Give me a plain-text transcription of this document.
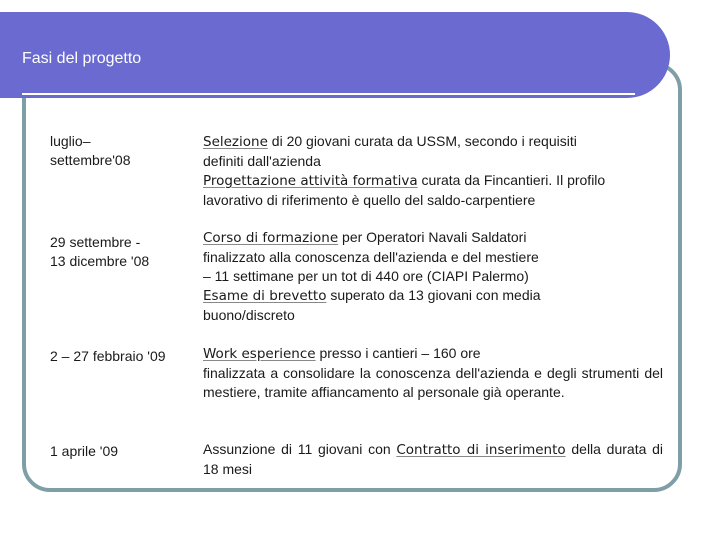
Fasi del progetto
luglio–
settembre'08
Selezione di 20 giovani curata da USSM, secondo i requisiti
definiti dall'azienda
Progettazione attività formativa curata da Fincantieri. Il profilo
lavorativo di riferimento è quello del saldo-carpentiere
29 settembre -
13 dicembre '08
Corso di formazione per Operatori Navali Saldatori
finalizzato alla conoscenza dell'azienda e del mestiere
– 11 settimane per un tot di 440 ore (CIAPI Palermo)
Esame di brevetto superato da 13 giovani con media
buono/discreto
2 – 27 febbraio '09	Work esperience presso i cantieri – 160 ore
finalizzata a consolidare la conoscenza dell'azienda e degli strumenti del mestiere, tramite affiancamento al personale già operante.
1 aprile '09	Assunzione di 11 giovani con Contratto di inserimento della durata di 18 mesi
